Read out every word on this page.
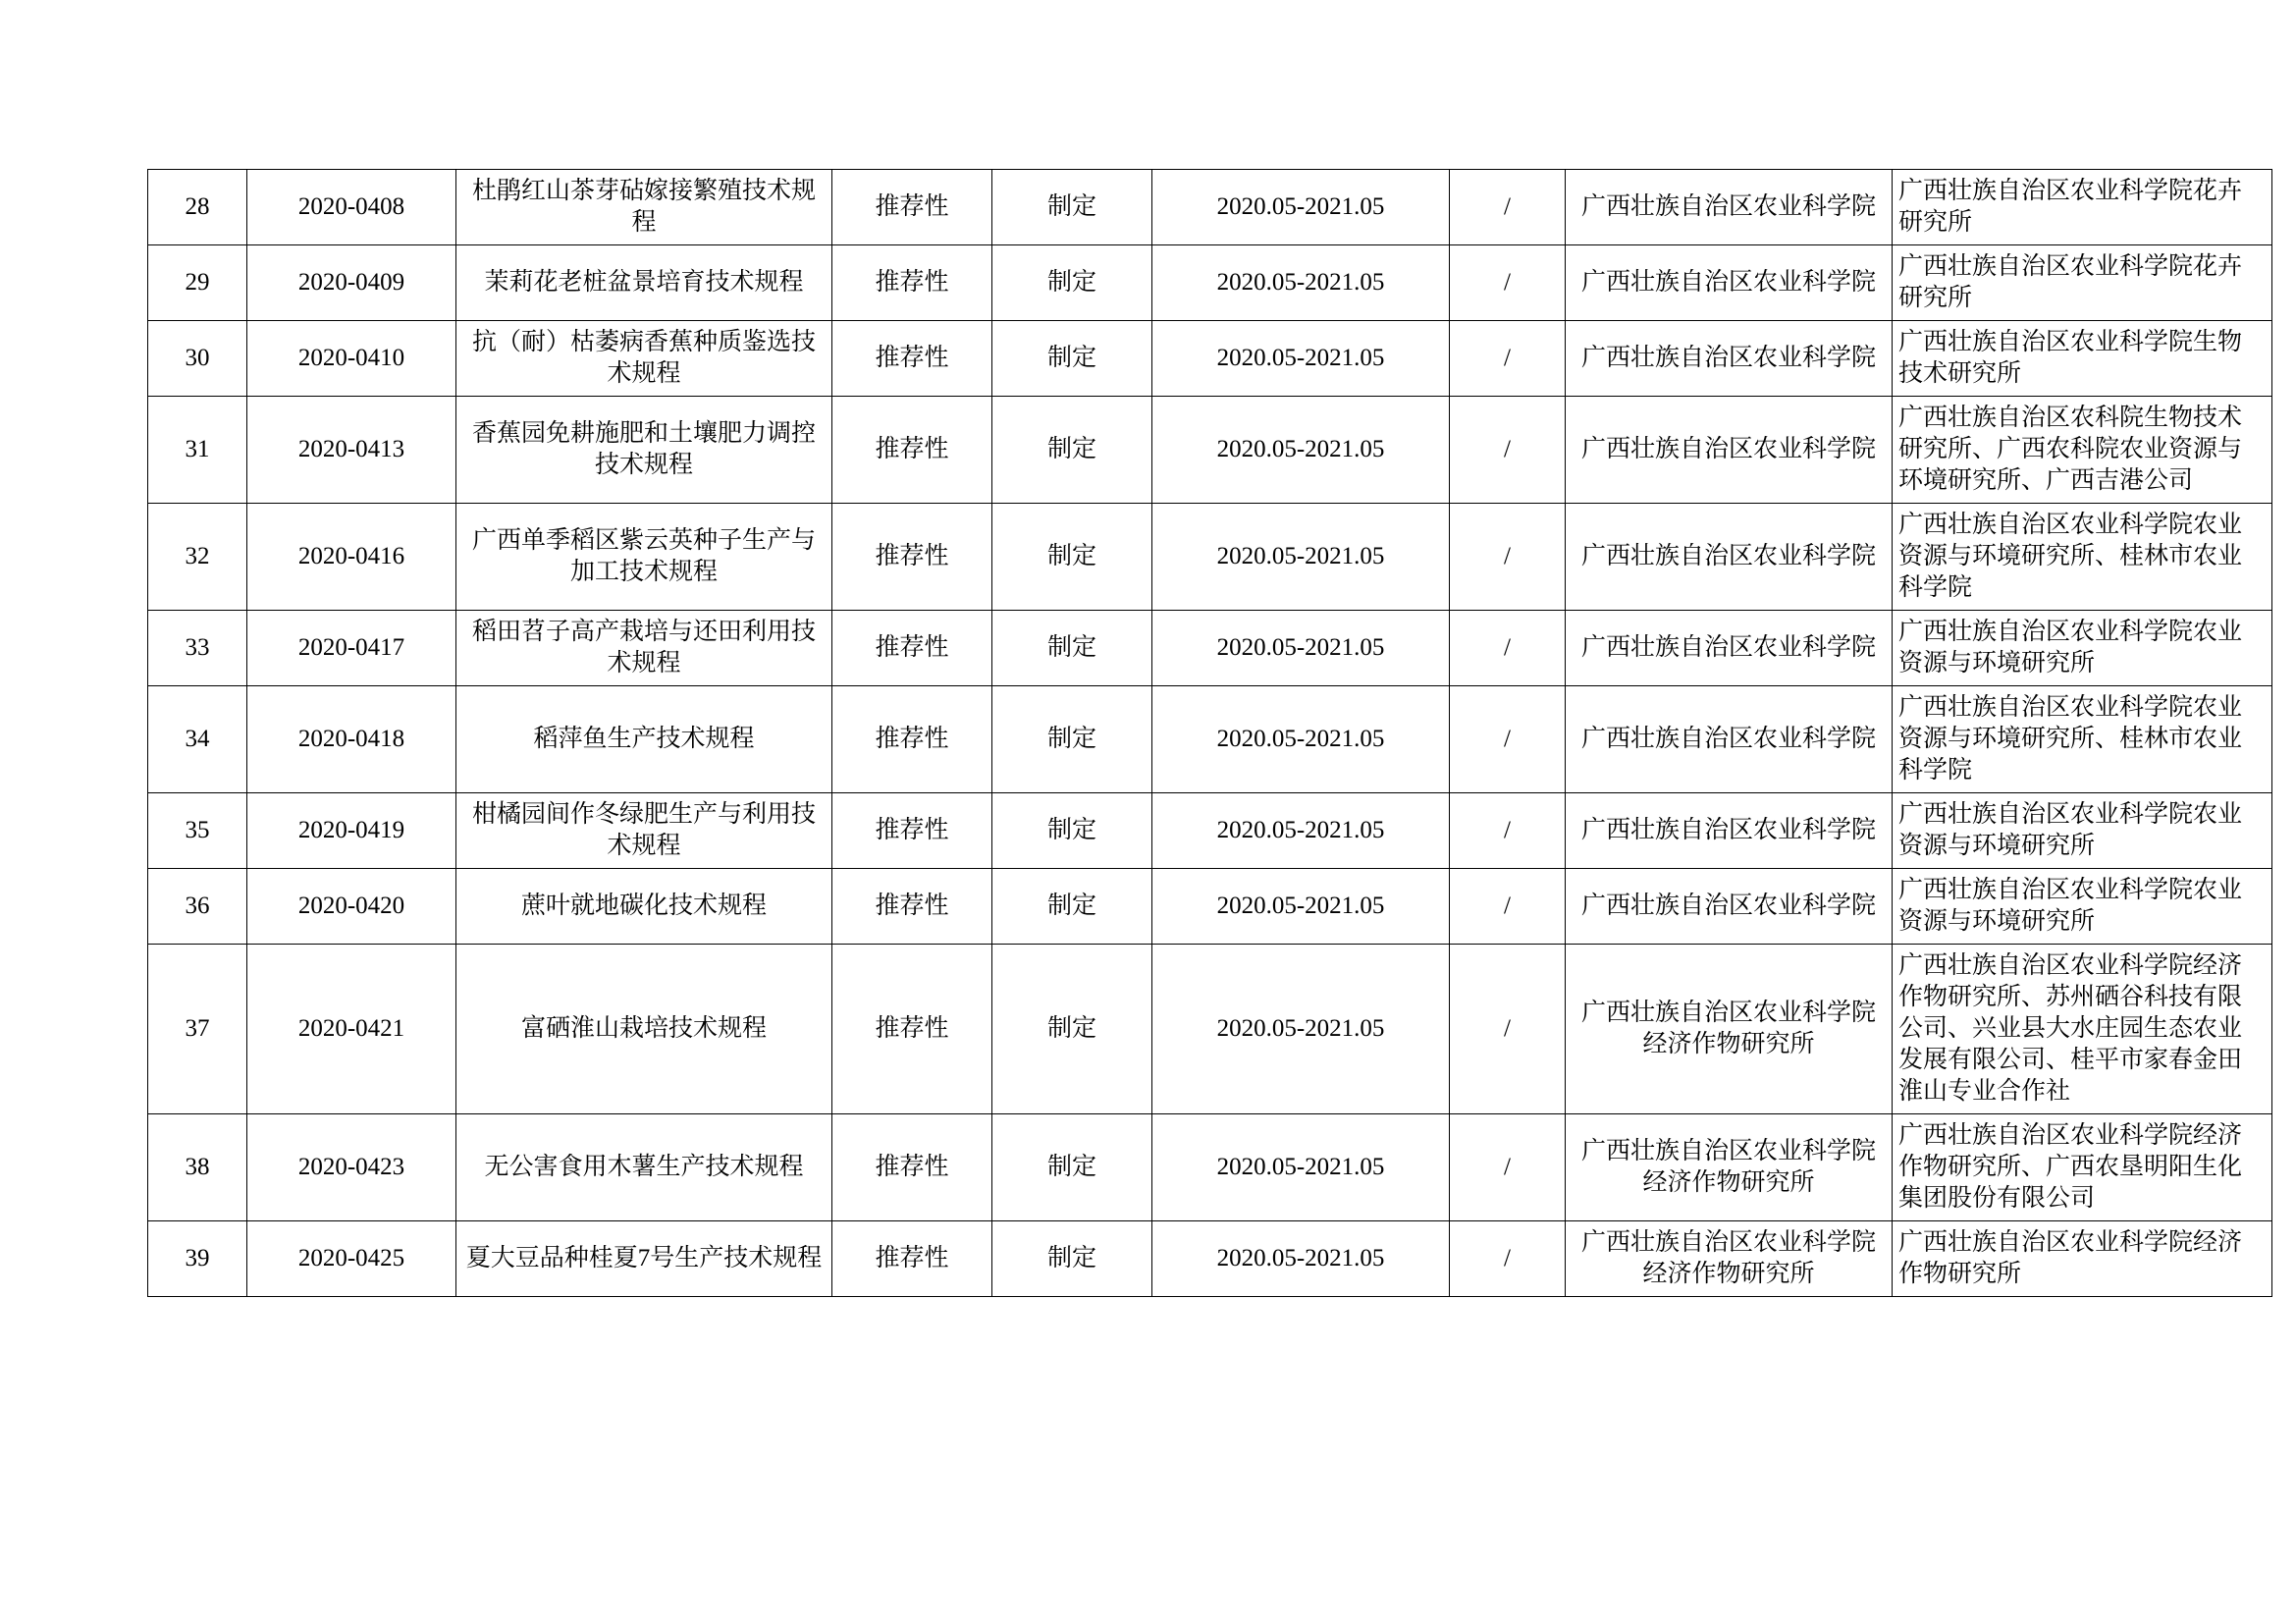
28	2020-0408	杜鹃红山茶芽砧嫁接繁殖技术规程	推荐性	制定	2020.05-2021.05	/	广西壮族自治区农业科学院	广西壮族自治区农业科学院花卉研究所
29	2020-0409	茉莉花老桩盆景培育技术规程	推荐性	制定	2020.05-2021.05	/	广西壮族自治区农业科学院	广西壮族自治区农业科学院花卉研究所
30	2020-0410	抗（耐）枯萎病香蕉种质鉴选技术规程	推荐性	制定	2020.05-2021.05	/	广西壮族自治区农业科学院	广西壮族自治区农业科学院生物技术研究所
31	2020-0413	香蕉园免耕施肥和土壤肥力调控技术规程	推荐性	制定	2020.05-2021.05	/	广西壮族自治区农业科学院	广西壮族自治区农科院生物技术研究所、广西农科院农业资源与环境研究所、广西吉港公司
32	2020-0416	广西单季稻区紫云英种子生产与加工技术规程	推荐性	制定	2020.05-2021.05	/	广西壮族自治区农业科学院	广西壮族自治区农业科学院农业资源与环境研究所、桂林市农业科学院
33	2020-0417	稻田苕子高产栽培与还田利用技术规程	推荐性	制定	2020.05-2021.05	/	广西壮族自治区农业科学院	广西壮族自治区农业科学院农业资源与环境研究所
34	2020-0418	稻萍鱼生产技术规程	推荐性	制定	2020.05-2021.05	/	广西壮族自治区农业科学院	广西壮族自治区农业科学院农业资源与环境研究所、桂林市农业科学院
35	2020-0419	柑橘园间作冬绿肥生产与利用技术规程	推荐性	制定	2020.05-2021.05	/	广西壮族自治区农业科学院	广西壮族自治区农业科学院农业资源与环境研究所
36	2020-0420	蔗叶就地碳化技术规程	推荐性	制定	2020.05-2021.05	/	广西壮族自治区农业科学院	广西壮族自治区农业科学院农业资源与环境研究所
37	2020-0421	富硒淮山栽培技术规程	推荐性	制定	2020.05-2021.05	/	广西壮族自治区农业科学院经济作物研究所	广西壮族自治区农业科学院经济作物研究所、苏州硒谷科技有限公司、兴业县大水庄园生态农业发展有限公司、桂平市家春金田淮山专业合作社
38	2020-0423	无公害食用木薯生产技术规程	推荐性	制定	2020.05-2021.05	/	广西壮族自治区农业科学院经济作物研究所	广西壮族自治区农业科学院经济作物研究所、广西农垦明阳生化集团股份有限公司
39	2020-0425	夏大豆品种桂夏7号生产技术规程	推荐性	制定	2020.05-2021.05	/	广西壮族自治区农业科学院经济作物研究所	广西壮族自治区农业科学院经济作物研究所
